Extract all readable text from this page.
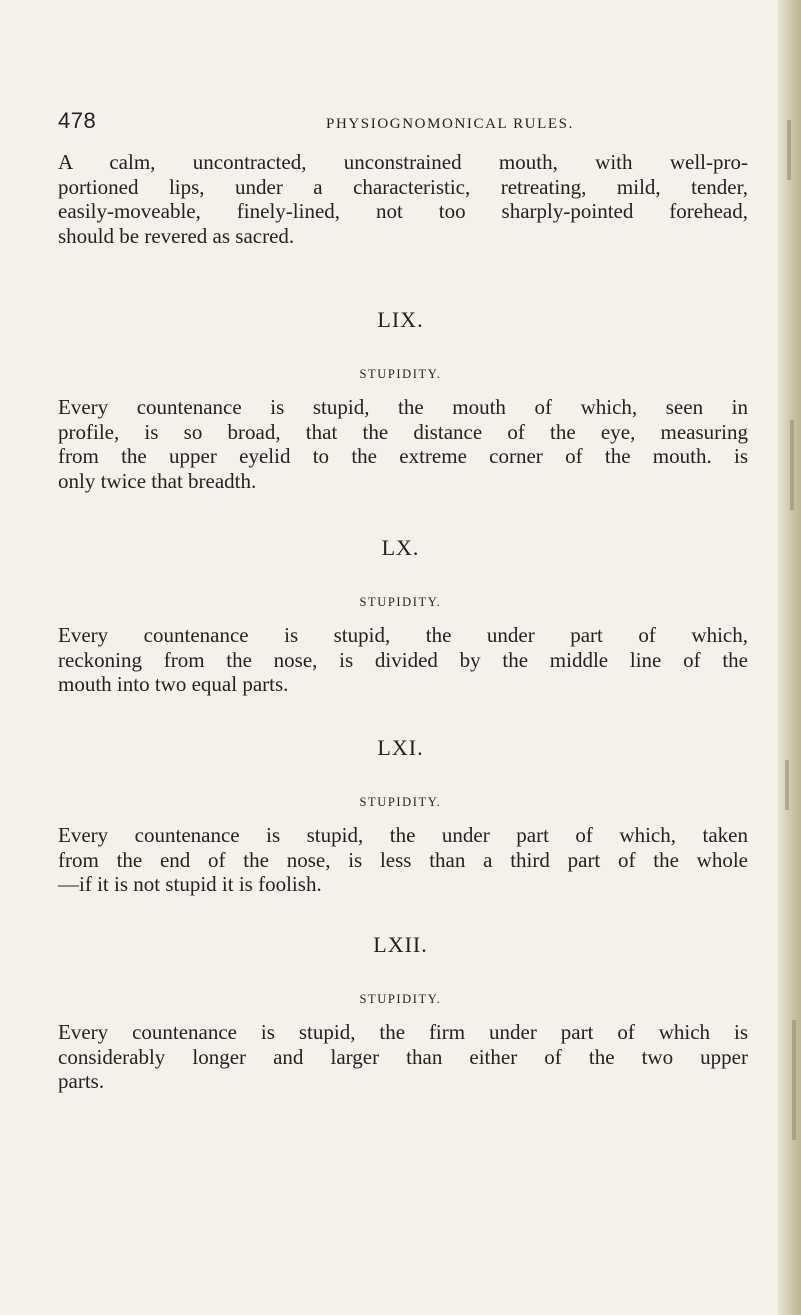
478	PHYSIOGNOMONICAL RULES.

A calm, uncontracted, unconstrained mouth, with well-pro-
portioned lips, under a characteristic, retreating, mild, tender,
easily-moveable, finely-lined, not too sharply-pointed forehead,
should be revered as sacred.

LIX.
STUPIDITY.

Every countenance is stupid, the mouth of which, seen in
profile, is so broad, that the distance of the eye, measuring
from the upper eyelid to the extreme corner of the mouth. is
only twice that breadth.

LX.
STUPIDITY.

Every countenance is stupid, the under part of which,
reckoning from the nose, is divided by the middle line of the
mouth into two equal parts.

LXI.
STUPIDITY.

Every countenance is stupid, the under part of which, taken
from the end of the nose, is less than a third part of the whole
—if it is not stupid it is foolish.

LXII.
STUPIDITY.

Every countenance is stupid, the firm under part of which is
considerably longer and larger than either of the two upper
parts.
